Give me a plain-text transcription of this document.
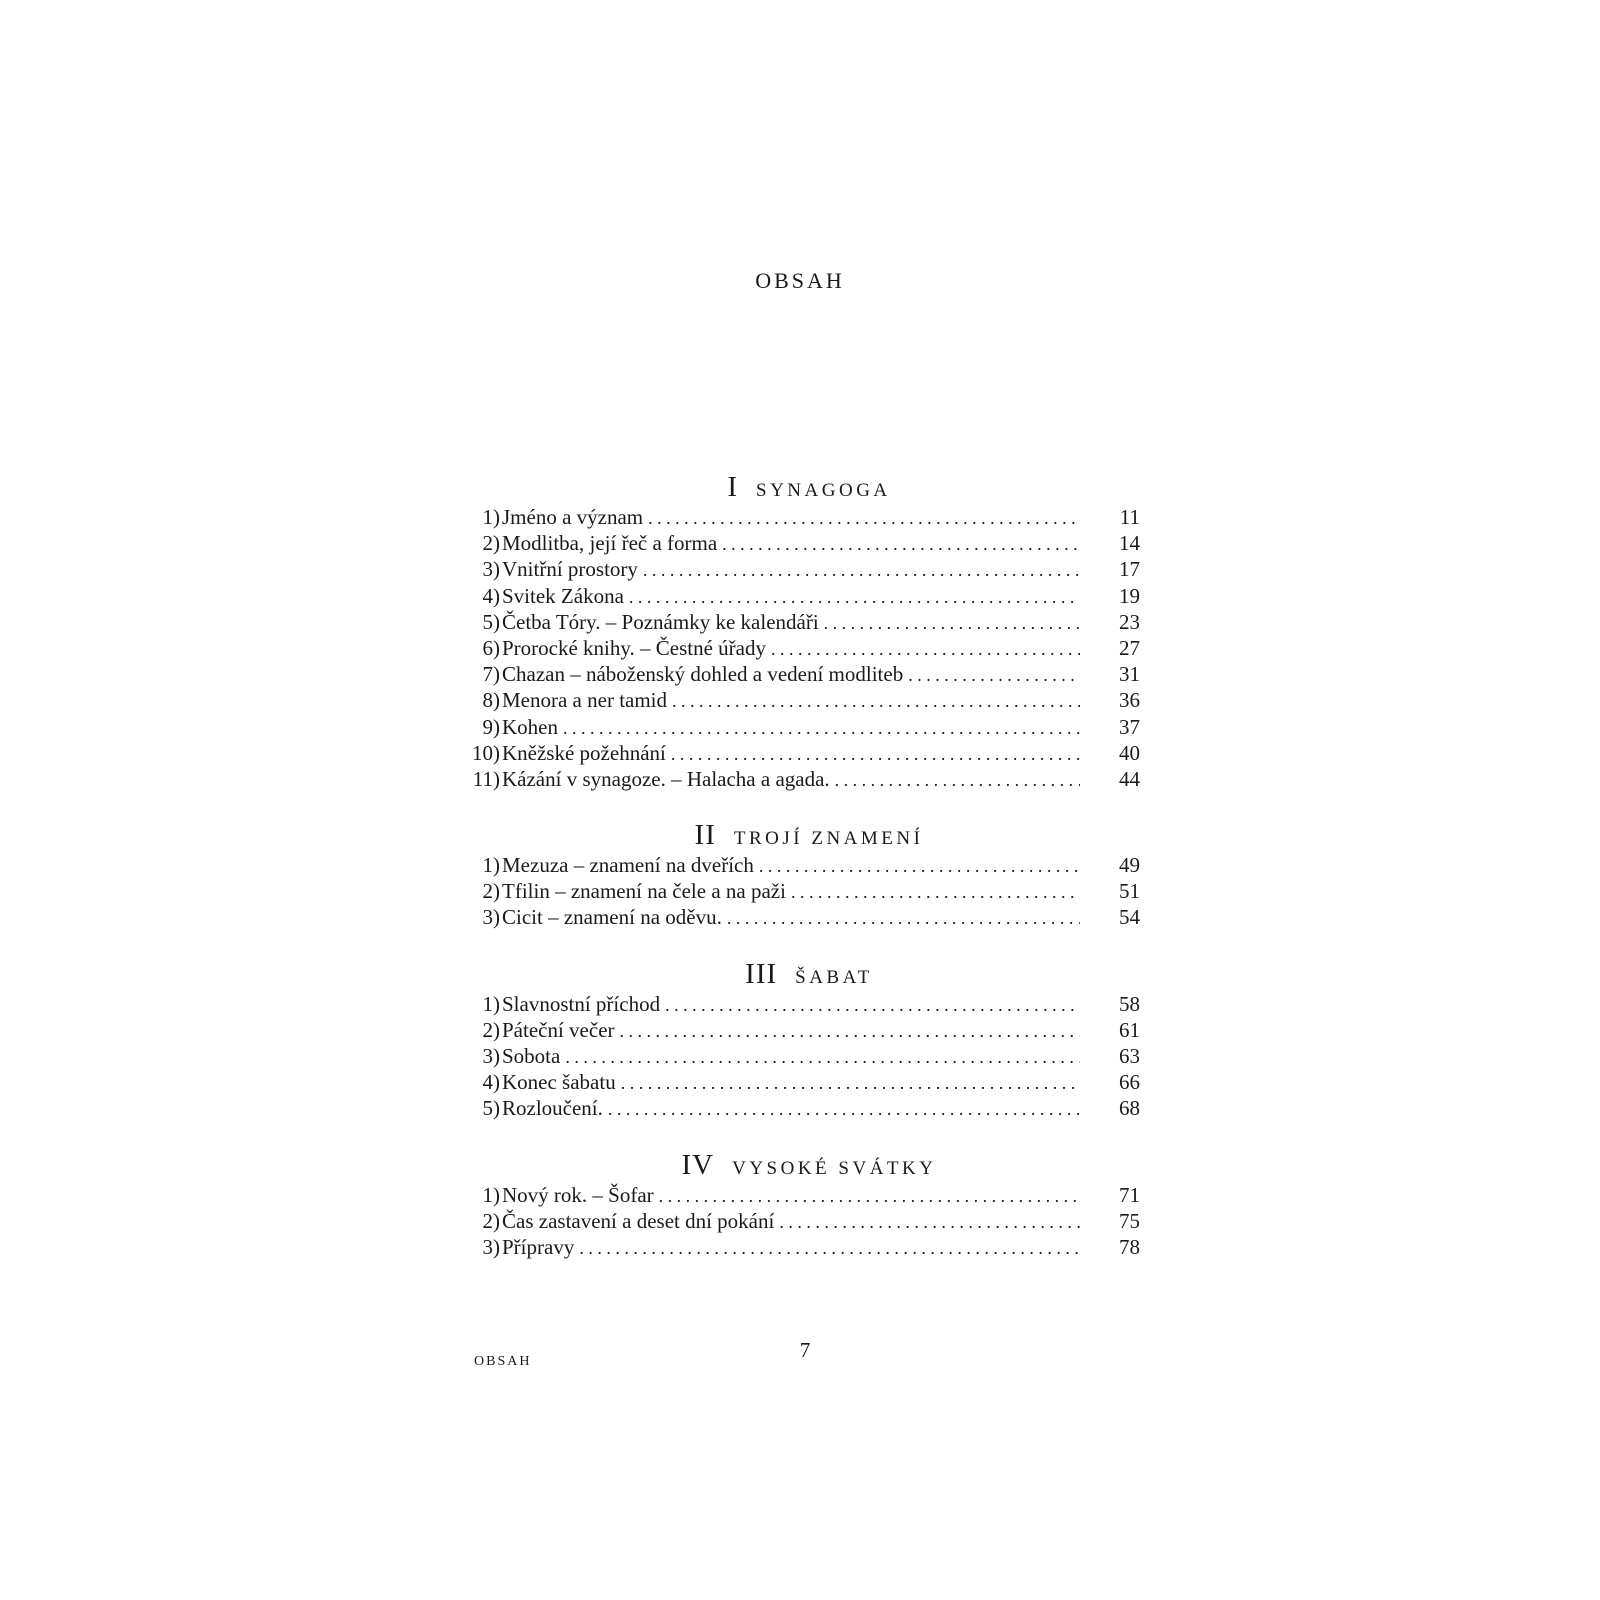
OBSAH
ISYNAGOGA
1) Jméno a význam . . .	11
2) Modlitba, její řeč a forma . . .	14
3) Vnitřní prostory . . .	17
4) Svitek Zákona . . .	19
5) Četba Tóry. – Poznámky ke kalendáři . . .	23
6) Prorocké knihy. – Čestné úřady . . .	27
7) Chazan – náboženský dohled a vedení modliteb . . .	31
8) Menora a ner tamid . . .	36
9) Kohen . . .	37
10) Kněžské požehnání . . .	40
11) Kázání v synagoze. – Halacha a agada. . . .	44
II TROJÍ ZNAMENÍ
1) Mezuza – znamení na dveřích . . .	49
2) Tfilin – znamení na čele a na paži . . .	51
3) Cicit – znamení na oděvu. . . .	54
III ŠABAT
1) Slavnostní příchod . . .	58
2) Páteční večer . . .	61
3) Sobota . . .	63
4) Konec šabatu . . .	66
5) Rozloučení. . . .	68
IV VYSOKÉ SVÁTKY
1) Nový rok. – Šofar . . .	71
2) Čas zastavení a deset dní pokání . . .	75
3) Přípravy . . .	78
OBSAH	7
